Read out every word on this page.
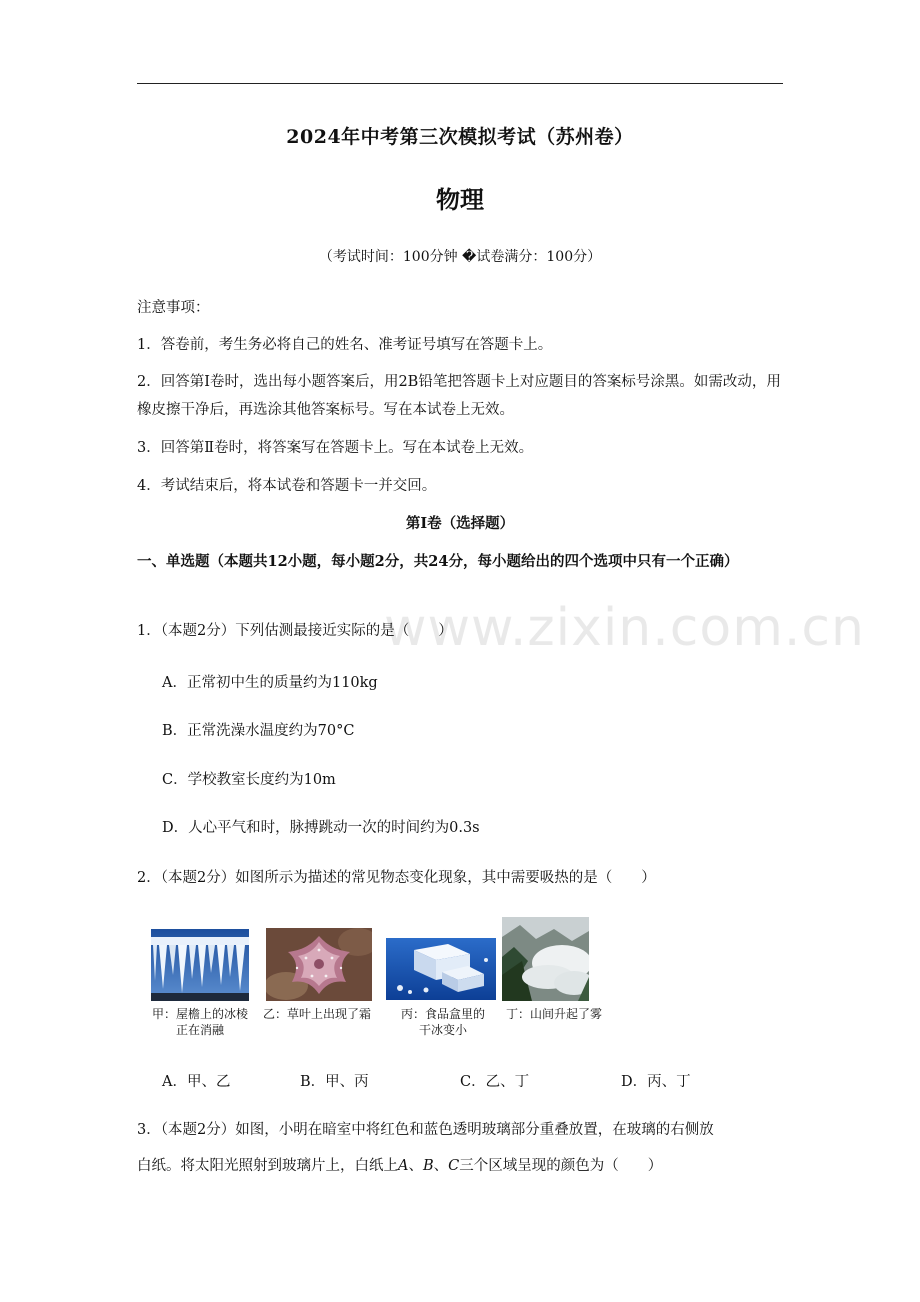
2024年中考第三次模拟考试（苏州卷）
物理
（考试时间：100分钟 �试卷满分：100分）
注意事项：
1．答卷前，考生务必将自己的姓名、准考证号填写在答题卡上。
2．回答第Ⅰ卷时，选出每小题答案后，用2B铅笔把答题卡上对应题目的答案标号涂黑。如需改动，用橡皮擦干净后，再选涂其他答案标号。写在本试卷上无效。
3．回答第Ⅱ卷时，将答案写在答题卡上。写在本试卷上无效。
4．考试结束后，将本试卷和答题卡一并交回。
第Ⅰ卷（选择题）
一、单选题（本题共12小题，每小题2分，共24分，每小题给出的四个选项中只有一个正确）
www.zixin.com.cn
1．（本题2分）下列估测最接近实际的是（　　）
A．正常初中生的质量约为110kg
B．正常洗澡水温度约为70°C
C．学校教室长度约为10m
D．人心平气和时，脉搏跳动一次的时间约为0.3s
2．（本题2分）如图所示为描述的常见物态变化现象，其中需要吸热的是（　　）
甲：屋檐上的冰棱
正在消融
乙：草叶上出现了霜	丙：食品盒里的
干冰变小
丁：山间升起了雾
A．甲、乙	B．甲、丙	C．乙、丁	D．丙、丁
3．（本题2分）如图，小明在暗室中将红色和蓝色透明玻璃部分重叠放置，在玻璃的右侧放
白纸。将太阳光照射到玻璃片上，白纸上A、B、C三个区域呈现的颜色为（　　）
